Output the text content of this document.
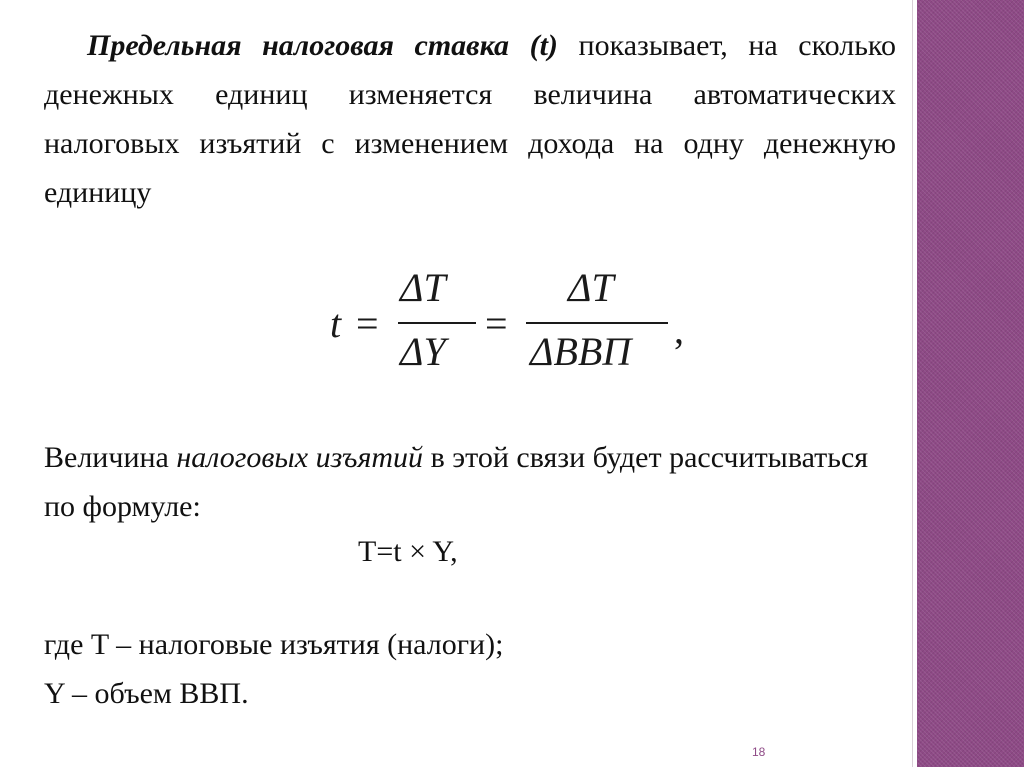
Предельная налоговая ставка (t) показывает, на сколько денежных единиц изменяется величина автоматических налоговых изъятий с изменением дохода на одну денежную единицу
t =
ΔT
ΔY
=
ΔT
ΔВВП ,
Величина налоговых изъятий в этой связи будет рассчитываться по формуле:
T=t × Y,
где T – налоговые изъятия (налоги);
Y – объем ВВП.
18
